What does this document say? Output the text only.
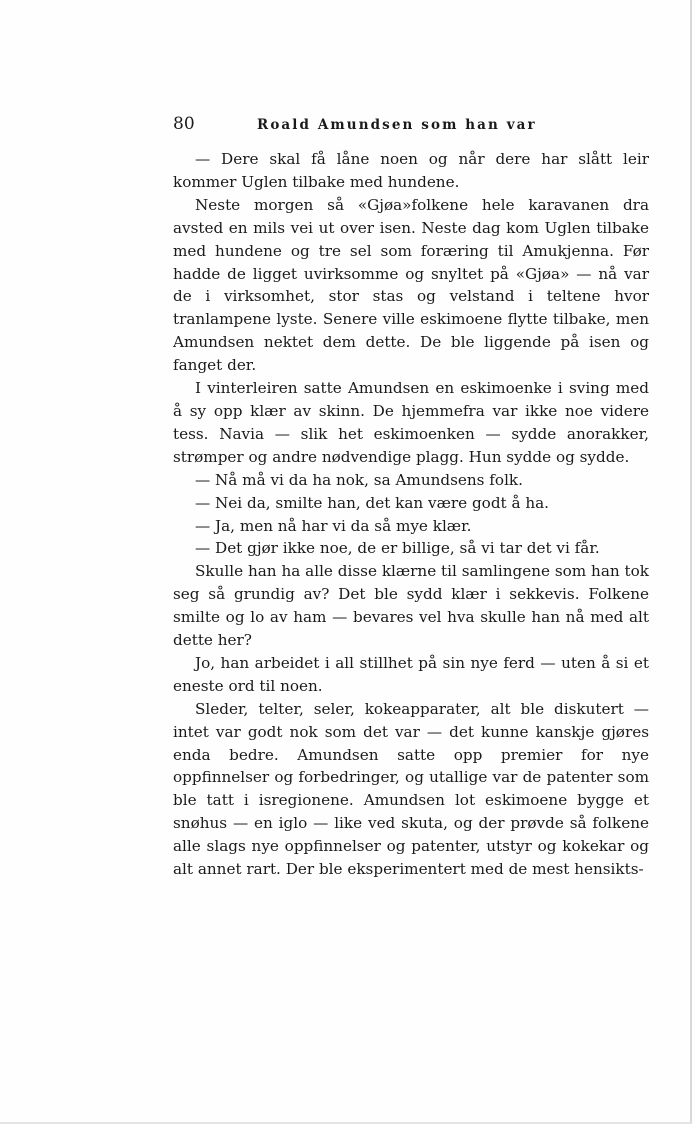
80	Roald Amundsen som han var

— Dere skal få låne noen og når dere har slått leir kommer Uglen tilbake med hundene.

Neste morgen så «Gjøa»folkene hele karavanen dra avsted en mils vei ut over isen. Neste dag kom Uglen tilbake med hundene og tre sel som foræring til Amukjenna. Før hadde de ligget uvirksomme og snyltet på «Gjøa» — nå var de i virksomhet, stor stas og velstand i teltene hvor tranlampene lyste. Senere ville eskimoene flytte tilbake, men Amundsen nektet dem dette. De ble liggende på isen og fanget der.

I vinterleiren satte Amundsen en eskimoenke i sving med å sy opp klær av skinn. De hjemmefra var ikke noe videre tess. Navia — slik het eskimoenken — sydde anorakker, strømper og andre nødvendige plagg. Hun sydde og sydde.

— Nå må vi da ha nok, sa Amundsens folk.

— Nei da, smilte han, det kan være godt å ha.

— Ja, men nå har vi da så mye klær.

— Det gjør ikke noe, de er billige, så vi tar det vi får.

Skulle han ha alle disse klærne til samlingene som han tok seg så grundig av? Det ble sydd klær i sekkevis. Folkene smilte og lo av ham — bevares vel hva skulle han nå med alt dette her?

Jo, han arbeidet i all stillhet på sin nye ferd — uten å si et eneste ord til noen.

Sleder, telter, seler, kokeapparater, alt ble diskutert — intet var godt nok som det var — det kunne kanskje gjøres enda bedre. Amundsen satte opp premier for nye oppfinnelser og forbedringer, og utallige var de patenter som ble tatt i isregionene. Amundsen lot eskimoene bygge et snøhus — en iglo — like ved skuta, og der prøvde så folkene alle slags nye oppfinnelser og patenter, utstyr og kokekar og alt annet rart. Der ble eksperimentert med de mest hensikts-
